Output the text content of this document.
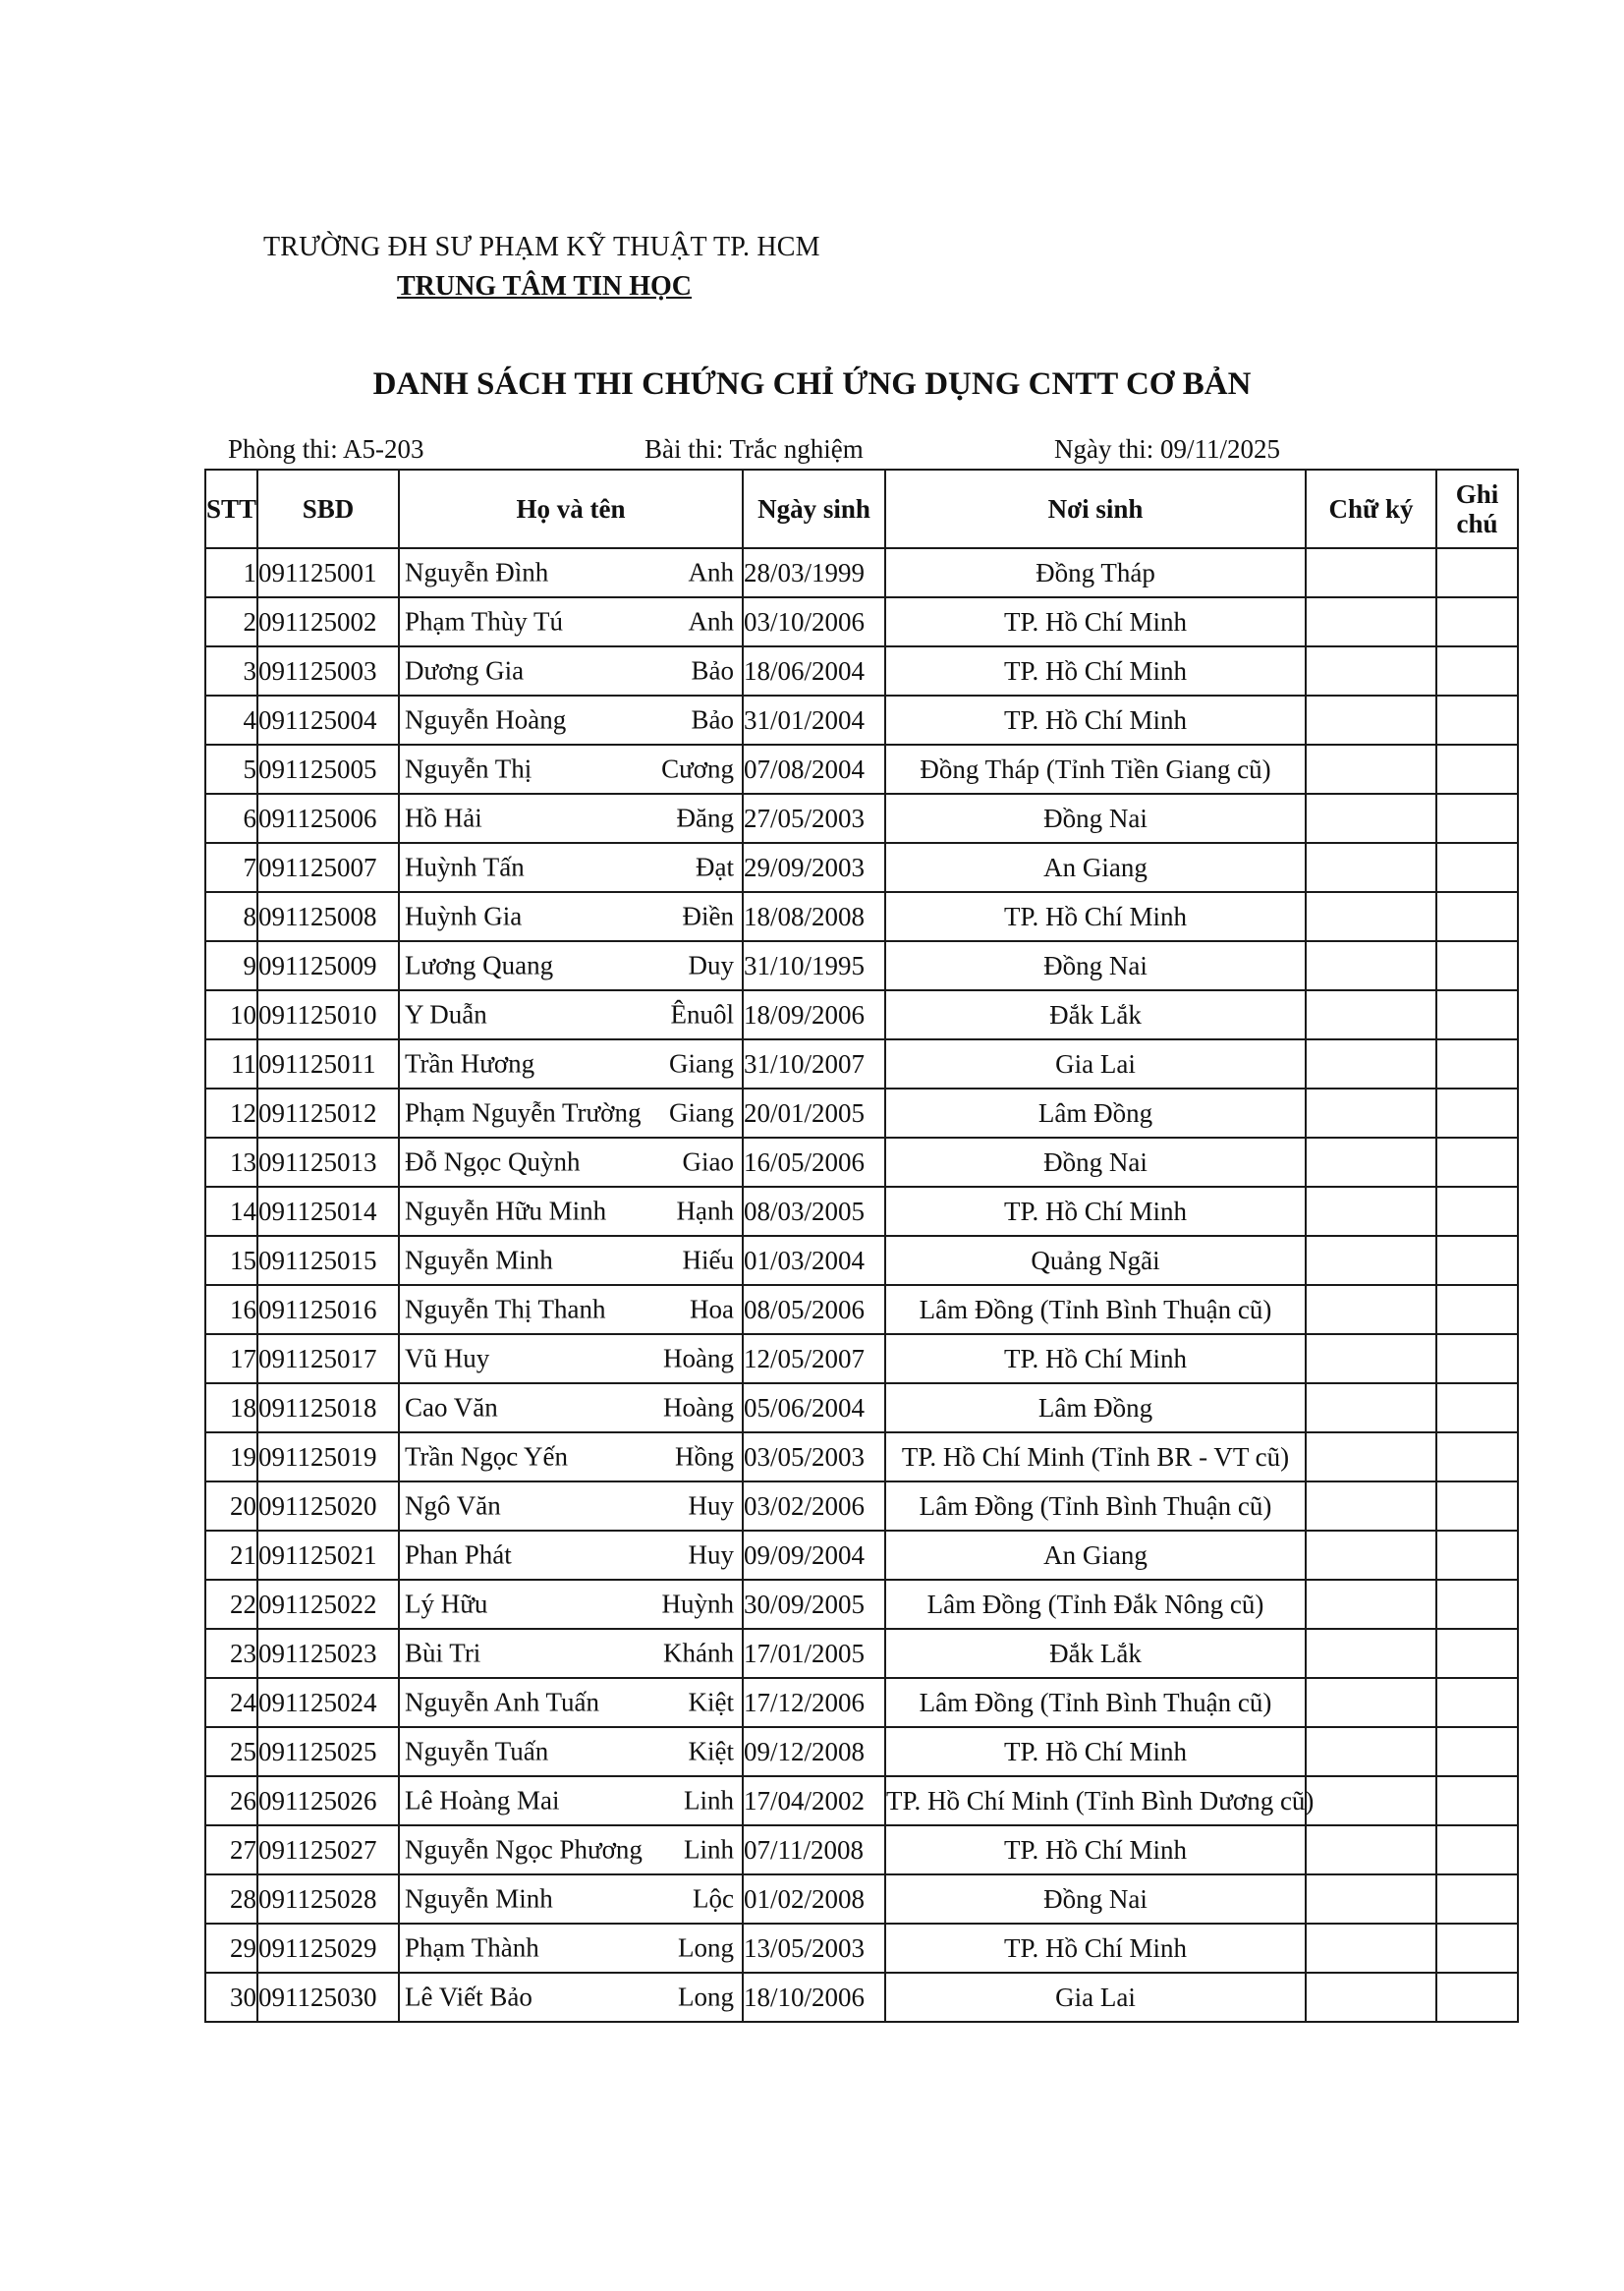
TRƯỜNG ĐH SƯ PHẠM KỸ THUẬT TP. HCM
TRUNG TÂM TIN HỌC
DANH SÁCH THI CHỨNG CHỈ ỨNG DỤNG CNTT CƠ BẢN
Phòng thi: A5-203	Bài thi: Trắc nghiệm	Ngày thi: 09/11/2025
STT	SBD	Họ và tên	Ngày sinh	Nơi sinh	Chữ ký	Ghi
chú

1	091125001	Nguyễn Đình Anh	28/03/1999	Đồng Tháp		
2	091125002	Phạm Thùy Tú Anh	03/10/2006	TP. Hồ Chí Minh		
3	091125003	Dương Gia Bảo	18/06/2004	TP. Hồ Chí Minh		
4	091125004	Nguyễn Hoàng Bảo	31/01/2004	TP. Hồ Chí Minh		
5	091125005	Nguyễn Thị Cương	07/08/2004	Đồng Tháp (Tỉnh Tiền Giang cũ)		
6	091125006	Hồ Hải Đăng	27/05/2003	Đồng Nai		
7	091125007	Huỳnh Tấn Đạt	29/09/2003	An Giang		
8	091125008	Huỳnh Gia Điền	18/08/2008	TP. Hồ Chí Minh		
9	091125009	Lương Quang Duy	31/10/1995	Đồng Nai		
10	091125010	Y Duẫn Ênuôl	18/09/2006	Đắk Lắk		
11	091125011	Trần Hương Giang	31/10/2007	Gia Lai		
12	091125012	Phạm Nguyễn Trường Giang	20/01/2005	Lâm Đồng		
13	091125013	Đỗ Ngọc Quỳnh Giao	16/05/2006	Đồng Nai		
14	091125014	Nguyễn Hữu Minh Hạnh	08/03/2005	TP. Hồ Chí Minh		
15	091125015	Nguyễn Minh Hiếu	01/03/2004	Quảng Ngãi		
16	091125016	Nguyễn Thị Thanh Hoa	08/05/2006	Lâm Đồng (Tỉnh Bình Thuận cũ)		
17	091125017	Vũ Huy Hoàng	12/05/2007	TP. Hồ Chí Minh		
18	091125018	Cao Văn Hoàng	05/06/2004	Lâm Đồng		
19	091125019	Trần Ngọc Yến Hồng	03/05/2003	TP. Hồ Chí Minh (Tỉnh BR - VT cũ)		
20	091125020	Ngô Văn Huy	03/02/2006	Lâm Đồng (Tỉnh Bình Thuận cũ)		
21	091125021	Phan Phát Huy	09/09/2004	An Giang		
22	091125022	Lý Hữu Huỳnh	30/09/2005	Lâm Đồng (Tỉnh Đắk Nông cũ)		
23	091125023	Bùi Tri Khánh	17/01/2005	Đắk Lắk		
24	091125024	Nguyễn Anh Tuấn Kiệt	17/12/2006	Lâm Đồng (Tỉnh Bình Thuận cũ)		
25	091125025	Nguyễn Tuấn Kiệt	09/12/2008	TP. Hồ Chí Minh		
26	091125026	Lê Hoàng Mai Linh	17/04/2002	TP. Hồ Chí Minh (Tỉnh Bình Dương cũ)		
27	091125027	Nguyễn Ngọc Phương Linh	07/11/2008	TP. Hồ Chí Minh		
28	091125028	Nguyễn Minh Lộc	01/02/2008	Đồng Nai		
29	091125029	Phạm Thành Long	13/05/2003	TP. Hồ Chí Minh		
30	091125030	Lê Viết Bảo Long	18/10/2006	Gia Lai		
